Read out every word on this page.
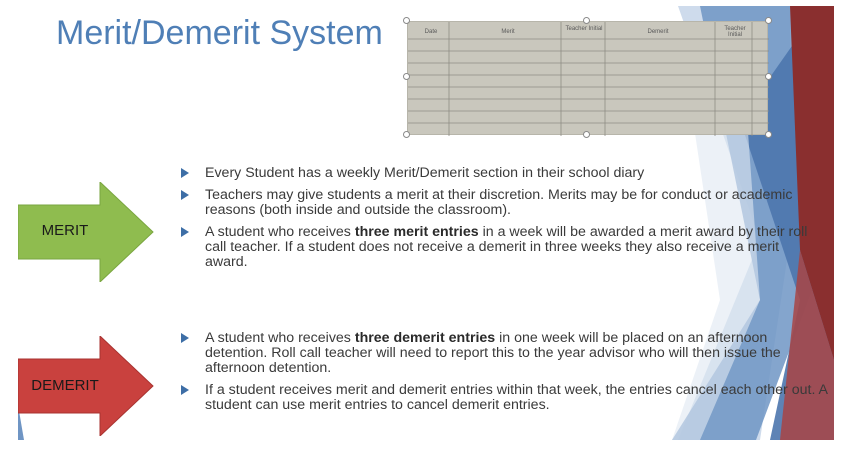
Merit/Demerit System	Date	Merit	Teacher Initial	Demerit	Teacher Initial
MERIT
DEMERIT
Every Student has a weekly Merit/Demerit section in their school diary
Teachers may give students a merit at their discretion. Merits may be for conduct or academic reasons (both inside and outside the classroom).
A student who receives three merit entries in a week will be awarded a merit award by their roll call teacher. If a student does not receive a demerit in three weeks they also receive a merit award.
A student who receives three demerit entries in one week will be placed on an afternoon detention. Roll call teacher will need to report this to the year advisor who will then issue the afternoon detention.
If a student receives merit and demerit entries within that week, the entries cancel each other out. A student can use merit entries to cancel demerit entries.
